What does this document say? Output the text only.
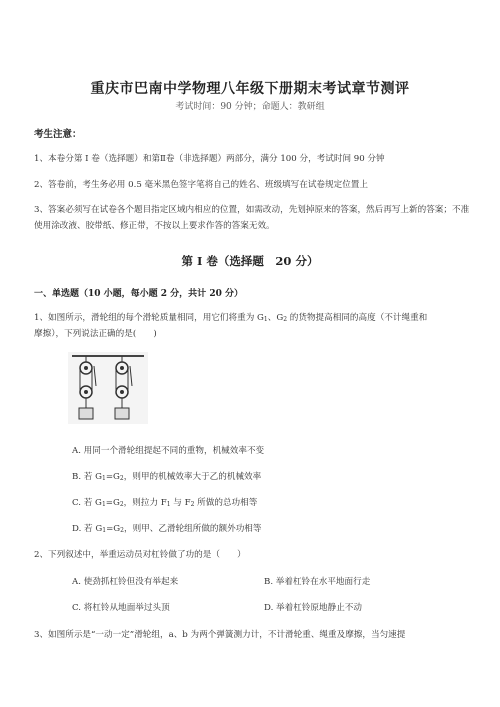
重庆市巴南中学物理八年级下册期末考试章节测评
考试时间：90 分钟；命题人：教研组
考生注意：
1、本卷分第 I 卷（选择题）和第Ⅱ卷（非选择题）两部分，满分 100 分，考试时间 90 分钟
2、答卷前，考生务必用 0.5 毫米黑色签字笔将自己的姓名、班级填写在试卷规定位置上
3、答案必须写在试卷各个题目指定区域内相应的位置，如需改动，先划掉原来的答案，然后再写上新的答案；不准使用涂改液、胶带纸、修正带，不按以上要求作答的答案无效。
第 I 卷（选择题　20 分）
一、单选题（10 小题，每小题 2 分，共计 20 分）
1、如图所示，滑轮组的每个滑轮质量相同，用它们将重为 $G_1$、$G_2$ 的货物提高相同的高度（不计绳重和
摩擦），下列说法正确的是(　　)
A. 用同一个滑轮组提起不同的重物，机械效率不变
B. 若 $G_1=G_2$，则甲的机械效率大于乙的机械效率
C. 若 $G_1=G_2$，则拉力 $F_1$ 与 $F_2$ 所做的总功相等
D. 若 $G_1=G_2$，则甲、乙滑轮组所做的额外功相等
2、下列叙述中，举重运动员对杠铃做了功的是（　　）
A. 使劲抓杠铃但没有举起来	B. 举着杠铃在水平地面行走
C. 将杠铃从地面举过头顶	D. 举着杠铃原地静止不动
3、如图所示是“一动一定”滑轮组，a、b 为两个弹簧测力计，不计滑轮重、绳重及摩擦，当匀速提
